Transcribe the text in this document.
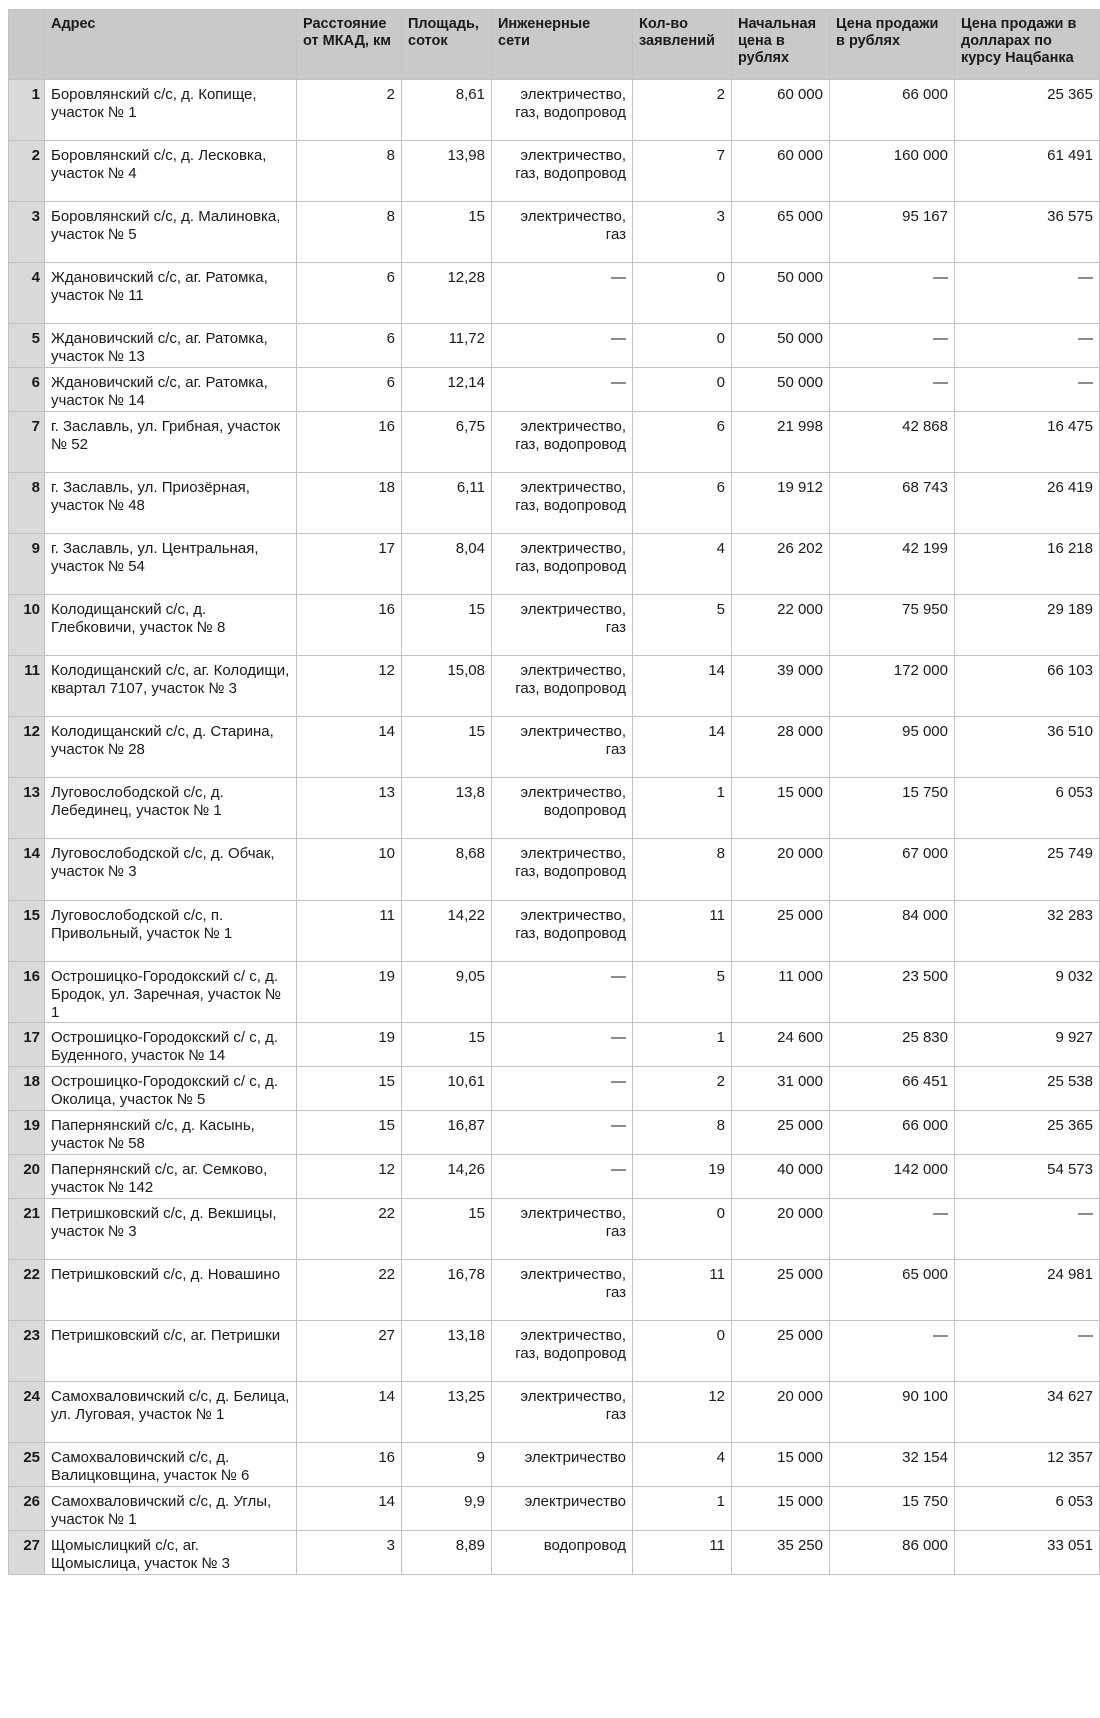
	Адрес	Расстояние от МКАД, км	Площадь, соток	Инженерные сети	Кол-во заявлений	Начальная цена в рублях	Цена продажи в рублях	Цена продажи в долларах по курсу Нацбанка
1	Боровлянский с/с, д. Копище, участок № 1	2	8,61	электричество, газ, водопровод	2	60 000	66 000	25 365
2	Боровлянский с/с, д. Лесковка, участок № 4	8	13,98	электричество, газ, водопровод	7	60 000	160 000	61 491
3	Боровлянский с/с, д. Малиновка, участок № 5	8	15	электричество, газ	3	65 000	95 167	36 575
4	Ждановичский с/с, аг. Ратомка, участок № 11	6	12,28	—	0	50 000	—	—
5	Ждановичский с/с, аг. Ратомка, участок № 13	6	11,72	—	0	50 000	—	—
6	Ждановичский с/с, аг. Ратомка, участок № 14	6	12,14	—	0	50 000	—	—
7	г. Заславль, ул. Грибная, участок № 52	16	6,75	электричество, газ, водопровод	6	21 998	42 868	16 475
8	г. Заславль, ул. Приозёрная, участок № 48	18	6,11	электричество, газ, водопровод	6	19 912	68 743	26 419
9	г. Заславль, ул. Центральная, участок № 54	17	8,04	электричество, газ, водопровод	4	26 202	42 199	16 218
10	Колодищанский с/с, д. Глебковичи, участок № 8	16	15	электричество, газ	5	22 000	75 950	29 189
11	Колодищанский с/с, аг. Колодищи, квартал 7107, участок № 3	12	15,08	электричество, газ, водопровод	14	39 000	172 000	66 103
12	Колодищанский с/с, д. Старина, участок № 28	14	15	электричество, газ	14	28 000	95 000	36 510
13	Луговослободской с/с, д. Лебединец, участок № 1	13	13,8	электричество, водопровод	1	15 000	15 750	6 053
14	Луговослободской с/с, д. Обчак, участок № 3	10	8,68	электричество, газ, водопровод	8	20 000	67 000	25 749
15	Луговослободской с/с, п. Привольный, участок № 1	11	14,22	электричество, газ, водопровод	11	25 000	84 000	32 283
16	Острошицко-Городокский с/ с, д. Бродок, ул. Заречная, участок № 1	19	9,05	—	5	11 000	23 500	9 032
17	Острошицко-Городокский с/ с, д. Буденного, участок № 14	19	15	—	1	24 600	25 830	9 927
18	Острошицко-Городокский с/ с, д. Околица, участок № 5	15	10,61	—	2	31 000	66 451	25 538
19	Папернянский с/с, д. Касынь, участок № 58	15	16,87	—	8	25 000	66 000	25 365
20	Папернянский с/с, аг. Семково, участок № 142	12	14,26	—	19	40 000	142 000	54 573
21	Петришковский с/с, д. Векшицы, участок № 3	22	15	электричество, газ	0	20 000	—	—
22	Петришковский с/с, д. Новашино	22	16,78	электричество, газ	11	25 000	65 000	24 981
23	Петришковский с/с, аг. Петришки	27	13,18	электричество, газ, водопровод	0	25 000	—	—
24	Самохваловичский с/с, д. Белица, ул. Луговая, участок № 1	14	13,25	электричество, газ	12	20 000	90 100	34 627
25	Самохваловичский с/с, д. Валицковщина, участок № 6	16	9	электричество	4	15 000	32 154	12 357
26	Самохваловичский с/с, д. Углы, участок № 1	14	9,9	электричество	1	15 000	15 750	6 053
27	Щомыслицкий с/с, аг. Щомыслица, участок № 3	3	8,89	водопровод	11	35 250	86 000	33 051
